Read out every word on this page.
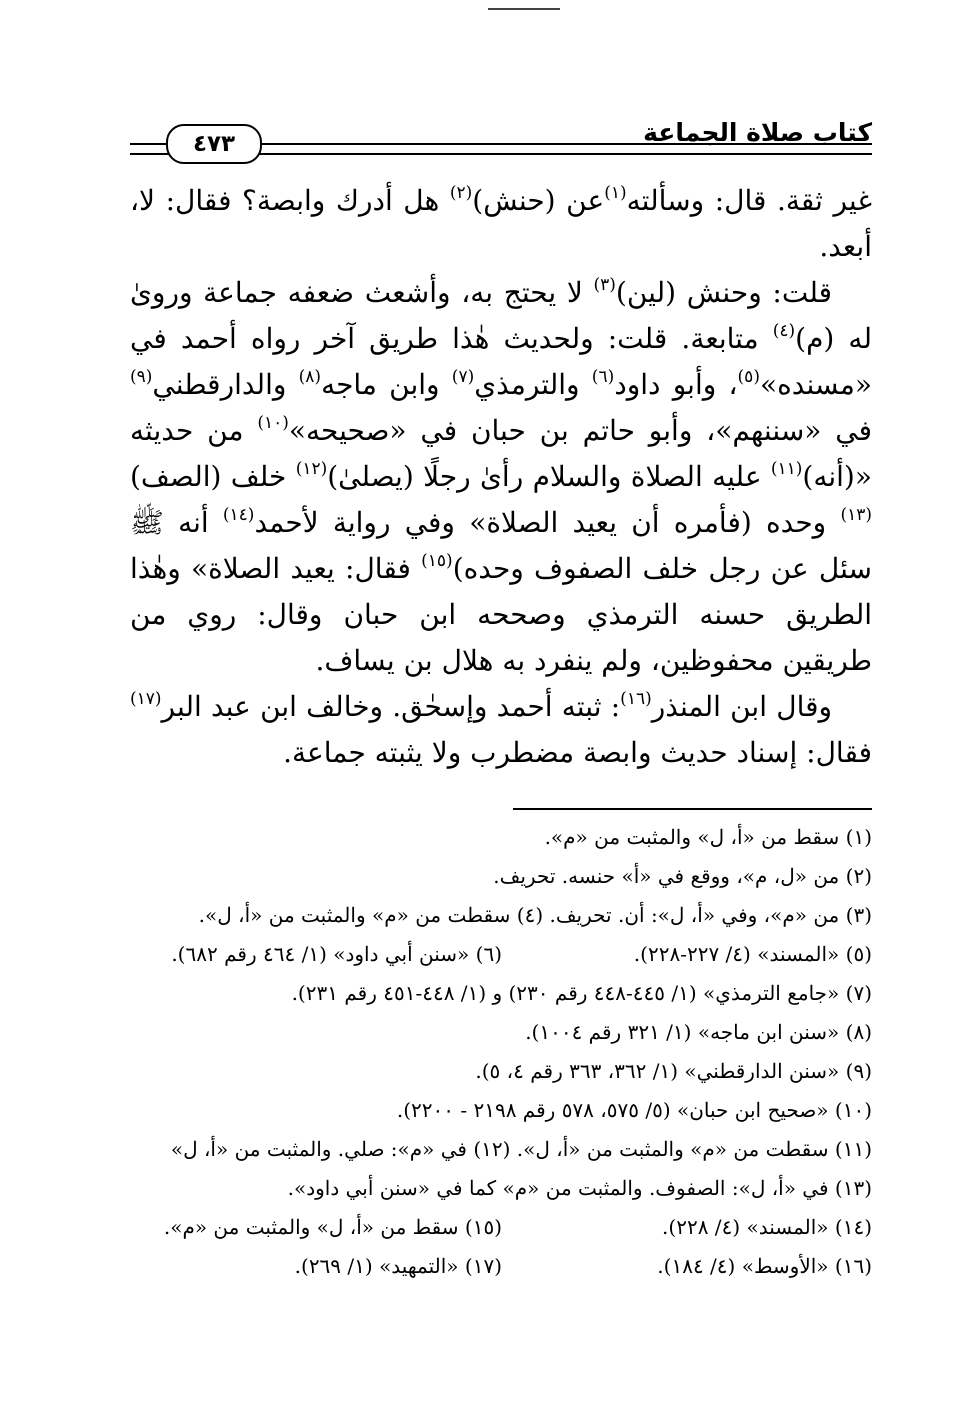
كتاب صلاة الجماعة
٤٧٣

غير ثقة. قال: وسألته$^{(١)}$عن (حنش)$^{(٢)}$ هل أدرك وابصة؟ فقال: لا، أبعد.

قلت: وحنش (لين)$^{(٣)}$ لا يحتج به، وأشعث ضعفه جماعة وروىٰ له (م)$^{(٤)}$ متابعة. قلت: ولحديث هٰذا طريق آخر رواه أحمد في «مسنده»$^{(٥)}$، وأبو داود$^{(٦)}$ والترمذي$^{(٧)}$ وابن ماجه$^{(٨)}$ والدارقطني$^{(٩)}$ في «سننهم»، وأبو حاتم بن حبان في «صحيحه»$^{(١٠)}$ من حديثه «(أنه)$^{(١١)}$ عليه الصلاة والسلام رأىٰ رجلًا (يصلىٰ)$^{(١٢)}$ خلف (الصف)$^{(١٣)}$ وحده (فأمره أن يعيد الصلاة» وفي رواية لأحمد$^{(١٤)}$ أنه ﷺ سئل عن رجل خلف الصفوف وحده)$^{(١٥)}$ فقال: يعيد الصلاة» وهٰذا الطريق حسنه الترمذي وصححه ابن حبان وقال: روي من طريقين محفوظين، ولم ينفرد به هلال بن يساف.

وقال ابن المنذر$^{(١٦)}$: ثبته أحمد وإسحٰق. وخالف ابن عبد البر$^{(١٧)}$ فقال: إسناد حديث وابصة مضطرب ولا يثبته جماعة.

(١) سقط من «أ، ل» والمثبت من «م».
(٢) من «ل، م»، ووقع في «أ» حنسه. تحريف.
(٣) من «م»، وفي «أ، ل»: أن. تحريف. (٤) سقطت من «م» والمثبت من «أ، ل».
(٥) «المسند» (٤/ ٢٢٧-٢٢٨).
(٦) «سنن أبي داود» (١/ ٤٦٤ رقم ٦٨٢).
(٧) «جامع الترمذي» (١/ ٤٤٥-٤٤٨ رقم ٢٣٠) و (١/ ٤٤٨-٤٥١ رقم ٢٣١).
(٨) «سنن ابن ماجه» (١/ ٣٢١ رقم ١٠٠٤).
(٩) «سنن الدارقطني» (١/ ٣٦٢، ٣٦٣ رقم ٤، ٥).
(١٠) «صحيح ابن حبان» (٥/ ٥٧٥، ٥٧٨ رقم ٢١٩٨ - ٢٢٠٠).
(١١) سقطت من «م» والمثبت من «أ، ل». (١٢) في «م»: صلي. والمثبت من «أ، ل»
(١٣) في «أ، ل»: الصفوف. والمثبت من «م» كما في «سنن أبي داود».
(١٤) «المسند» (٤/ ٢٢٨).
(١٥) سقط من «أ، ل» والمثبت من «م».
(١٦) «الأوسط» (٤/ ١٨٤).
(١٧) «التمهيد» (١/ ٢٦٩).
